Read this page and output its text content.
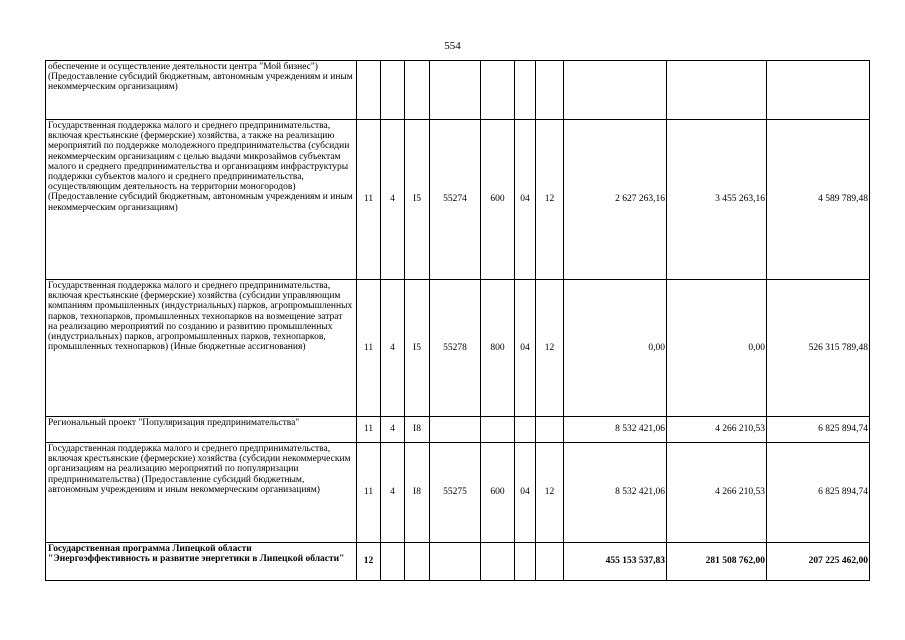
554
обеспечение и осуществление деятельности центра "Мой бизнес") (Предоставление субсидий бюджетным, автономным учреждениям и иным некоммерческим организациям)										
Государственная поддержка малого и среднего предпринимательства, включая крестьянские (фермерские) хозяйства, а также на реализацию мероприятий по поддержке молодежного предпринимательства (субсидии некоммерческим организациям с целью выдачи микрозаймов субъектам малого и среднего предпринимательства и организациям инфраструктуры поддержки субъектов малого и среднего предпринимательства, осуществляющим деятельность на территории моногородов) (Предоставление субсидий бюджетным, автономным учреждениям и иным некоммерческим организациям)	11	4	I5	55274	600	04	12	2 627 263,16	3 455 263,16	4 589 789,48
Государственная поддержка малого и среднего предпринимательства, включая крестьянские (фермерские) хозяйства (субсидии управляющим компаниям промышленных (индустриальных) парков, агропромышленных парков, технопарков, промышленных технопарков на возмещение затрат на реализацию мероприятий по созданию и развитию промышленных (индустриальных) парков, агропромышленных парков, технопарков, промышленных технопарков) (Иные бюджетные ассигнования)	11	4	I5	55278	800	04	12	0,00	0,00	526 315 789,48
Региональный проект "Популяризация предпринимательства"	11	4	I8					8 532 421,06	4 266 210,53	6 825 894,74
Государственная поддержка малого и среднего предпринимательства, включая крестьянские (фермерские) хозяйства (субсидии некоммерческим организациям на реализацию мероприятий по популяризации предпринимательства) (Предоставление субсидий бюджетным, автономным учреждениям и иным некоммерческим организациям)	11	4	I8	55275	600	04	12	8 532 421,06	4 266 210,53	6 825 894,74
Государственная программа Липецкой области "Энергоэффективность и развитие энергетики в Липецкой области"	12							455 153 537,83	281 508 762,00	207 225 462,00
